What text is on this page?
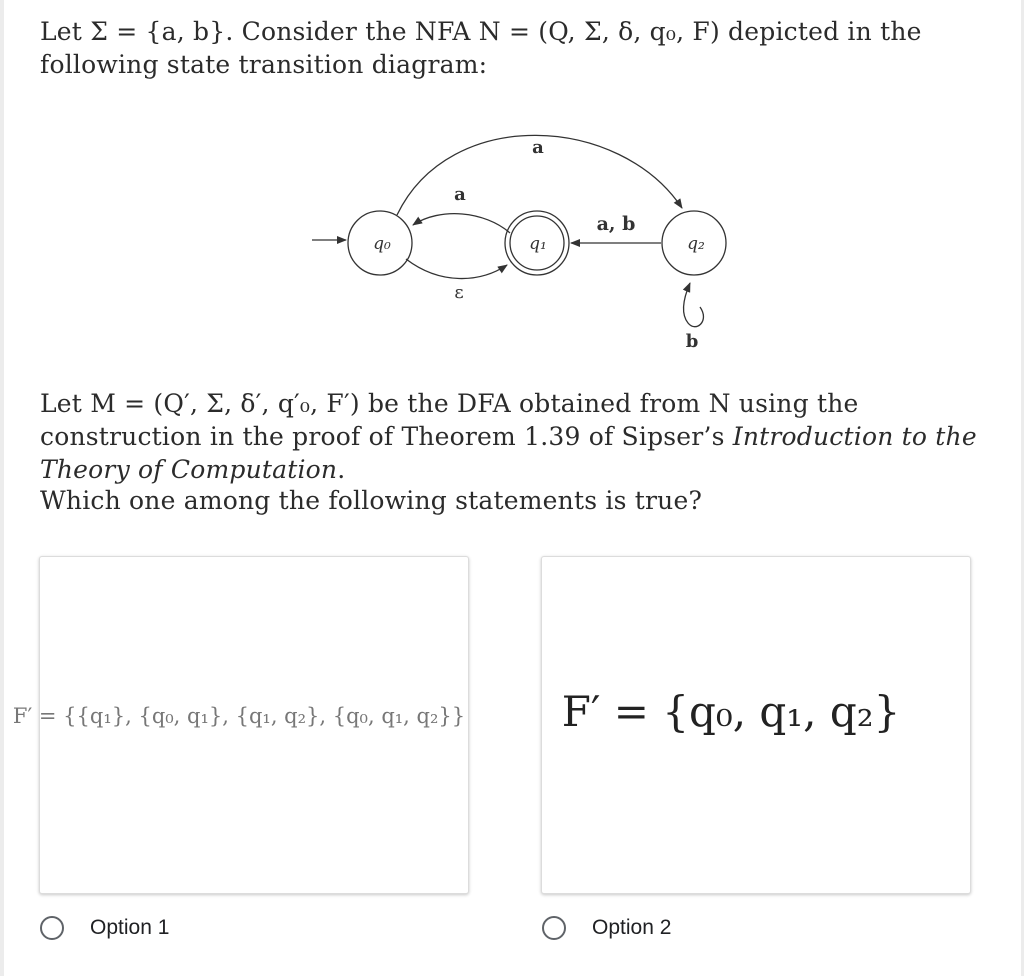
Let Σ = {a, b}. Consider the NFA N = (Q, Σ, δ, q₀, F) depicted in the following state transition diagram:
q₀	q₁	q₂
a
a
ε
a, b
b
Let M = (Q′, Σ, δ′, q′₀, F′) be the DFA obtained from N using the construction in the proof of Theorem 1.39 of Sipser’s Introduction to the Theory of Computation.
Which one among the following statements is true?
F′ = {{q₁}, {q₀, q₁}, {q₁, q₂}, {q₀, q₁, q₂}}	F′ = {q₀, q₁, q₂}
Option 1	Option 2
